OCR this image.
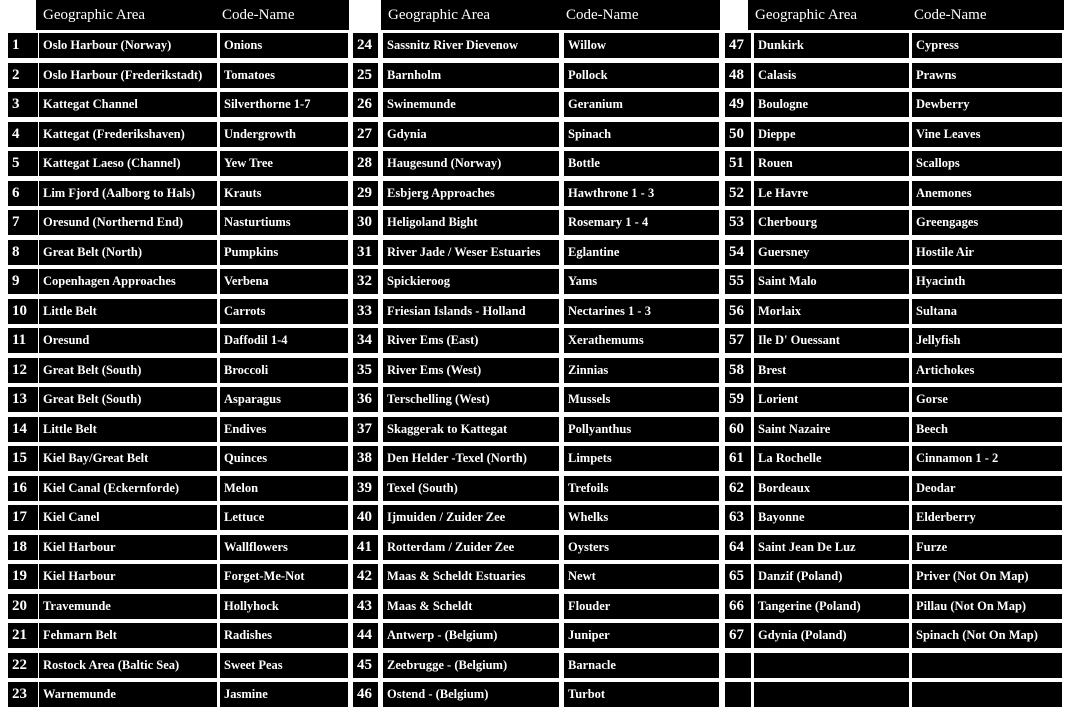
Geographic Area	Code-Name	Geographic Area	Code-Name	Geographic Area	Code-Name
1	Oslo Harbour (Norway)	Onions
2	Oslo Harbour (Frederikstadt)	Tomatoes
3	Kattegat Channel	Silverthorne 1-7
4	Kattegat (Frederikshaven)	Undergrowth
5	Kattegat Laeso (Channel)	Yew Tree
6	Lim Fjord (Aalborg to Hals)	Krauts
7	Oresund (Northernd End)	Nasturtiums
8	Great Belt (North)	Pumpkins
9	Copenhagen Approaches	Verbena
10	Little Belt	Carrots
11	Oresund	Daffodil 1-4
12	Great Belt (South)	Broccoli
13	Great Belt (South)	Asparagus
14	Little Belt	Endives
15	Kiel Bay/Great Belt	Quinces
16	Kiel Canal (Eckernforde)	Melon
17	Kiel Canel	Lettuce
18	Kiel Harbour	Wallflowers
19	Kiel Harbour	Forget-Me-Not
20	Travemunde	Hollyhock
21	Fehmarn Belt	Radishes
22	Rostock Area (Baltic Sea)	Sweet Peas
23	Warnemunde	Jasmine
24	Sassnitz River Dievenow	Willow
25	Barnholm	Pollock
26	Swinemunde	Geranium
27	Gdynia	Spinach
28	Haugesund (Norway)	Bottle
29	Esbjerg Approaches	Hawthrone 1 - 3
30	Heligoland Bight	Rosemary 1 - 4
31	River Jade / Weser Estuaries	Eglantine
32	Spickieroog	Yams
33	Friesian Islands - Holland	Nectarines 1 - 3
34	River Ems (East)	Xerathemums
35	River Ems (West)	Zinnias
36	Terschelling (West)	Mussels
37	Skaggerak to Kattegat	Pollyanthus
38	Den Helder -Texel (North)	Limpets
39	Texel (South)	Trefoils
40	Ijmuiden / Zuider Zee	Whelks
41	Rotterdam / Zuider Zee	Oysters
42	Maas & Scheldt Estuaries	Newt
43	Maas & Scheldt	Flouder
44	Antwerp - (Belgium)	Juniper
45	Zeebrugge - (Belgium)	Barnacle
46	Ostend - (Belgium)	Turbot
47	Dunkirk	Cypress
48	Calasis	Prawns
49	Boulogne	Dewberry
50	Dieppe	Vine Leaves
51	Rouen	Scallops
52	Le Havre	Anemones
53	Cherbourg	Greengages
54	Guersney	Hostile Air
55	Saint Malo	Hyacinth
56	Morlaix	Sultana
57	Ile D' Ouessant	Jellyfish
58	Brest	Artichokes
59	Lorient	Gorse
60	Saint Nazaire	Beech
61	La Rochelle	Cinnamon 1 - 2
62	Bordeaux	Deodar
63	Bayonne	Elderberry
64	Saint Jean De Luz	Furze
65	Danzif (Poland)	Priver (Not On Map)
66	Tangerine (Poland)	Pillau (Not On Map)
67	Gdynia (Poland)	Spinach (Not On Map)
